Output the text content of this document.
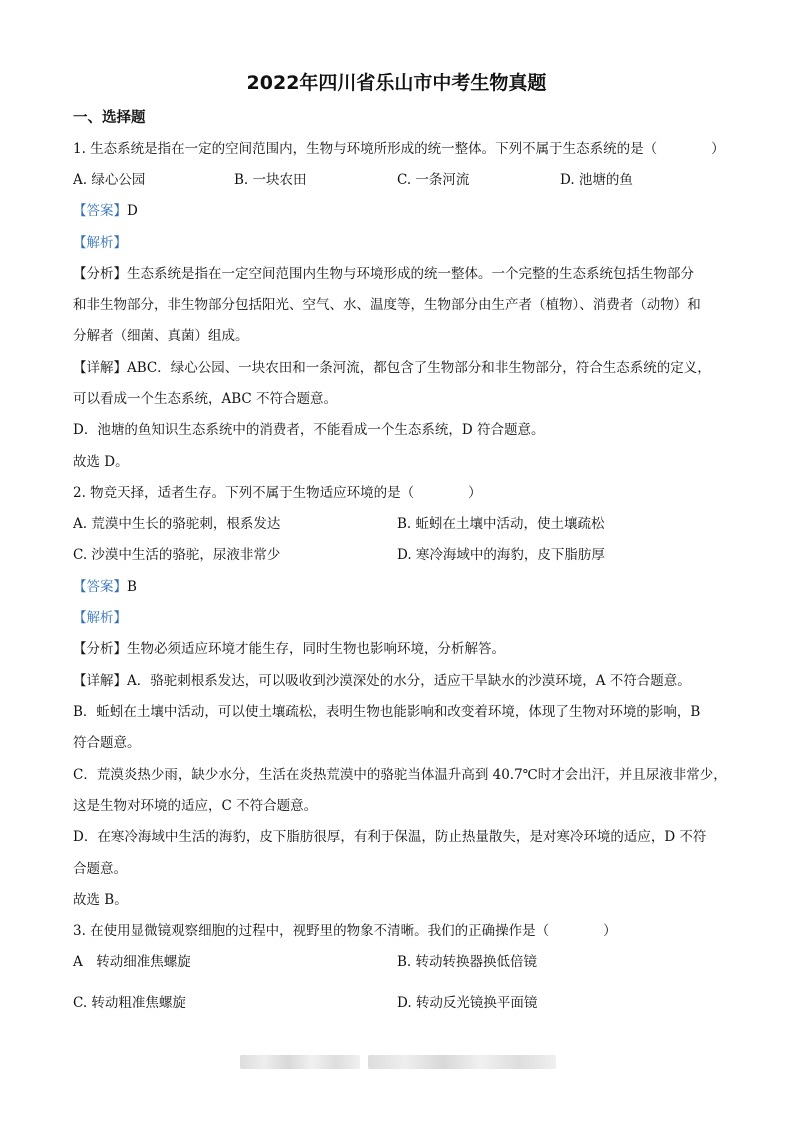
2022年四川省乐山市中考生物真题
一、选择题
1. 生态系统是指在一定的空间范围内，生物与环境所形成的统一整体。下列不属于生态系统的是（　　　　）
A. 绿心公园	B. 一块农田	C. 一条河流	D. 池塘的鱼
【答案】D
【解析】
【分析】生态系统是指在一定空间范围内生物与环境形成的统一整体。一个完整的生态系统包括生物部分
和非生物部分，非生物部分包括阳光、空气、水、温度等，生物部分由生产者（植物）、消费者（动物）和
分解者（细菌、真菌）组成。
【详解】ABC．绿心公园、一块农田和一条河流，都包含了生物部分和非生物部分，符合生态系统的定义，
可以看成一个生态系统，ABC 不符合题意。
D．池塘的鱼知识生态系统中的消费者，不能看成一个生态系统，D 符合题意。
故选 D。
2. 物竞天择，适者生存。下列不属于生物适应环境的是（　　　　）
A. 荒漠中生长的骆驼刺，根系发达	B. 蚯蚓在土壤中活动，使土壤疏松
C. 沙漠中生活的骆驼，尿液非常少	D. 寒冷海域中的海豹，皮下脂肪厚
【答案】B
【解析】
【分析】生物必须适应环境才能生存，同时生物也影响环境，分析解答。
【详解】A．骆驼刺根系发达，可以吸收到沙漠深处的水分，适应干旱缺水的沙漠环境，A 不符合题意。
B．蚯蚓在土壤中活动，可以使土壤疏松，表明生物也能影响和改变着环境，体现了生物对环境的影响，B
符合题意。
C．荒漠炎热少雨，缺少水分，生活在炎热荒漠中的骆驼当体温升高到 40.7℃时才会出汗，并且尿液非常少，
这是生物对环境的适应，C 不符合题意。
D．在寒冷海域中生活的海豹，皮下脂肪很厚，有利于保温，防止热量散失，是对寒冷环境的适应，D 不符
合题意。
故选 B。
3. 在使用显微镜观察细胞的过程中，视野里的物象不清晰。我们的正确操作是（　　　　）
A　转动细准焦螺旋	B. 转动转换器换低倍镜
C. 转动粗准焦螺旋	D. 转动反光镜换平面镜
